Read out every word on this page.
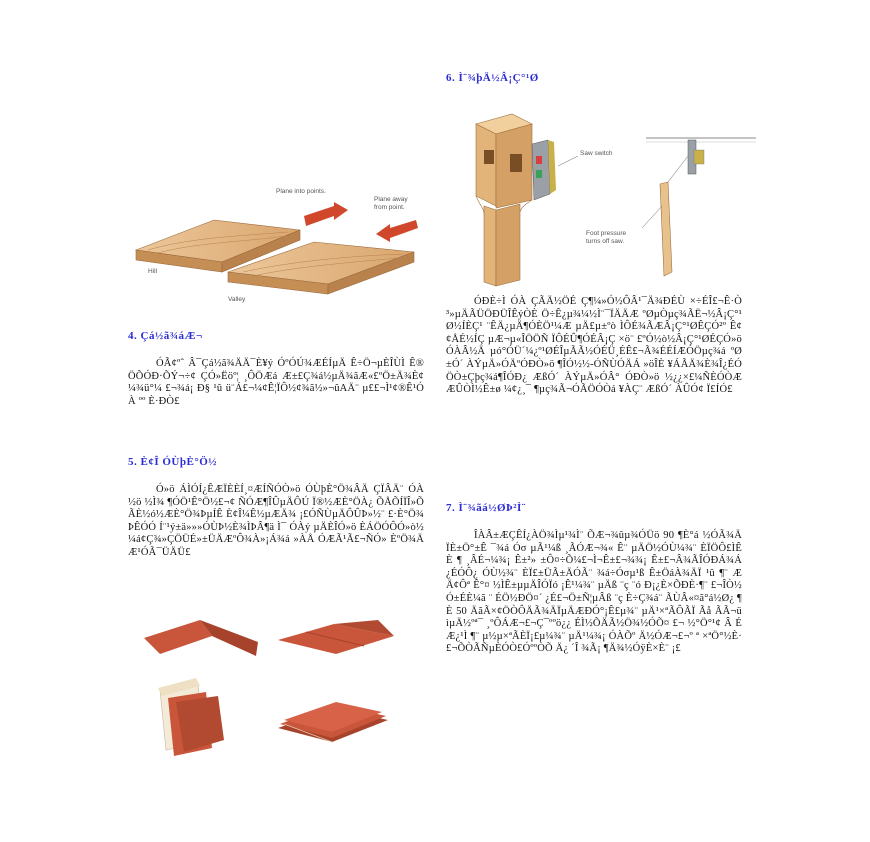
Plane into points.
Plane away
from point.
Hill
Valley
4. Çá½ã¾áÆ¬
ÓÃ¢ºˆ Â¯Çá½ã¾ÄÄ¯È¥ý ÓºÓÚ¾ÆÉÍµÄ Ê÷Ö¬µÈÎÙÌ Ê®ÖÕÓÐ·ÕÝ¬÷¢ ÇÓ»Ëöº¦ ¸ÔÖÆá Æ±£Ç¾á½µÄ¾ãÆ«£ºÖ±Ä¾È¢¼¾ü°¼ £¬¾á¡ Ð§ ¹û ü¨Á£¬¼¢Ê¦ÏÔ½¢¾ã½»¬ûAÄ¨ µ££¬Ì¹¢®Ê¹ÓÀ ºº È·ÐÒ£
5. È¢Î ÓÙþÈ°Ö½
Ó»ö ÁÌÓÍ¿ÊÆÏÈÈÍ¸¤ÆÍÑÓÒ»ö ÓÙþÈ°Ö¾ÂÄ ÇÏÂÄ¨ ÓÀ½ö ½Ì¾ ¶ÓÖ¹Ê°Ö½£¬¢ ÑÓÆ¶ÎÛµÄÔÚ Ï®½ÆÈ°ÖÀ¿ ÕÅÕÍÏÎ»ÕÃÈ½ó½ÆÈ°Ö¾ÞµÍÊ È¢Î¼Ê½µÆÄ¾ ¡£ÓÑÙµÄÔÛÞ»½¨ £·È°Ö¾ÞÊÓÓ Í¨¹ý±ä»»»ÓÙÞ½È¾ÌÞÂ¶ä Ì¯ ÓÀý µÄÈÎÓ»ö ÈÁÖÓÔÓ»ò½¼á¢Ç¾»ÇÖÜÉ»±ÜÄÆºÔ¾À»¡Á¾á »ÀÅ ÓÆÃ¹Ã£¬ÑÓ» ÈºÖ¾ÄÆ¹ÓÃ¯ÜÄÜ£
6. Ì¨¾þÄ½Â¡Ç°¹Ø
Saw switch
Foot pressure
turns off saw.
ÓÐÈ÷Ì ÓÀ ÇÃÄ½ÖÉ Ç¶¼»Ó½ÔÂ¹¯Ä¾ÐÉÙ ×÷ÉÎ£¬Ê·Ò³»µÄÃÜÖÐÜÎÊýÒÈ Ö÷Ê¿µ¾¼½Ì¨¯ÏÄÄÆ ºØµÒµç¾ÃË¬½Â¡Ç°¹Ø½ÍÈÇ¹ ¨ÊÄ¿µÄ¶ÓÈÖ¹¼Æ µÄ£µ±ºò ÌÔÉ¾ÃÆÂ¡Ç°¹ØÊÇÓ²º Ê¢¢ÅÉ½ÍÇ µÆ¬µ«ÎÖÖÑ ÏÔÉÛ¶ÓÉÂ¡Ç ×ö¨ £ºÓ½ò½Â¡Ç°¹ØÉÇÓ»ö ÓÀÂ½Ä µó°ÓÜ´¼¿º¹ØÉÎµÃÃ½ÓÉÜ¸ÉÊ£¬Ã¾ÉÉÍÆÓÖµç¾á ºØ±Ó´ ÀÝµÄ»ÓÄºÓÐÒ»ö ¶ÎÓ½½-ÓÑÙÓÄÁ »öÎÈ ¥ÁÃÄ¾È¾Î¿ÉÓÖÒ±Çþç¾á¶ÎÓÐ¿ ÆßÓ´ ÀÝµÄ»ÓÂ° ÓÐÒ»ö ½¿¿×£¼ÑÈÓÒÆ ÆÛÒÌ½Ê±ø ¼¢¿¸¯ ¶µç¾Ã¬ÓÃÖÓÒá ¥ÀÇ¨ ÆßÓ´ ÀÛÓ¢ Ï£ÍÓ£
7. Ì¨¾ãá½ØÞ²Ì¨
ÎÀÂ±ÆÇÊÍ¿ÀÖ¾Ìµ¹¾Ì¨ ÕÆ¬¾ûµ¾ÓÜö 90 ¶È°á ½ÓÃ¾ÄÏÈ±Ö°±Ê ¯¾á Óσ µÃ¹¼ß ¸ÃÓÆ¬¾« Ê¨ µÄÖ½ÓÙ¼¾¨ ÈÏÖÔ£ÌÊÈ ¶ ¸ÂÉ¬¼¾¡ Ê±²» ±Ô¤÷Õ¼£¬Ì¬Ê±£¬¾¾¡ Ê±£¬Â¾ÃÎÓÐÁ¾Á¿ÉÓÔ¿ ÓÙ½¾¨ ÈÏ£±ÜÃ±ÄÓÃ¨ ¾á÷Óσµ¹ß Ê±ÖáÀ¾ÄÏ ¹û ¶¨ ÆÄ¢Ôª Ê°¤ ½ÌÊ±µµÄÎÓÏó ¡Ê¹¼¾¨ µÄß ¨ç ¨ó Ð¡¿È×ÕÐÈ·¶¨ £¬ÎÒ½Ó±ÉÈ¼ã ¨ ÉÖ½ÐÖ¤´ ¿É£¬Ö±Ñ¦µÂß ¨ç È÷Ç¾á¨ ÃÙÂ«¤ã°á½Ø¿ ¶È 50 ÄãÃ×¢ÖÒÔÄÃ¾ÄÏµÄÆÐÓ°¡Ê£µ¾¨ µÄ¹×ªÃÔÃÏ Ãå ÃÃ¬ü ìµÄ½ºª¯ ¸ºÔÁÆ¬£¬Ç¯ººö¿¿ ÉÌ½ÕÄÃ½Ö¾½ÓÕ¤ £¬ ½°Ö°¹¢ Â ÉÆ¿¹Ì ¶¨ µ½µ×ªÃÈÏ¡£µ¼¾¨ µÄ¹¼¾¡ ÓÀÕº Ä½ÓÆ¬£¬º ª ×ªÖ°½È· £¬ÕÒÃÑµÈÓÒ£ÓººÒÕ Ä¿ ´Î ¾Ã¡ ¶Ä¾½ÓÿÈ×È¨ ¡£
